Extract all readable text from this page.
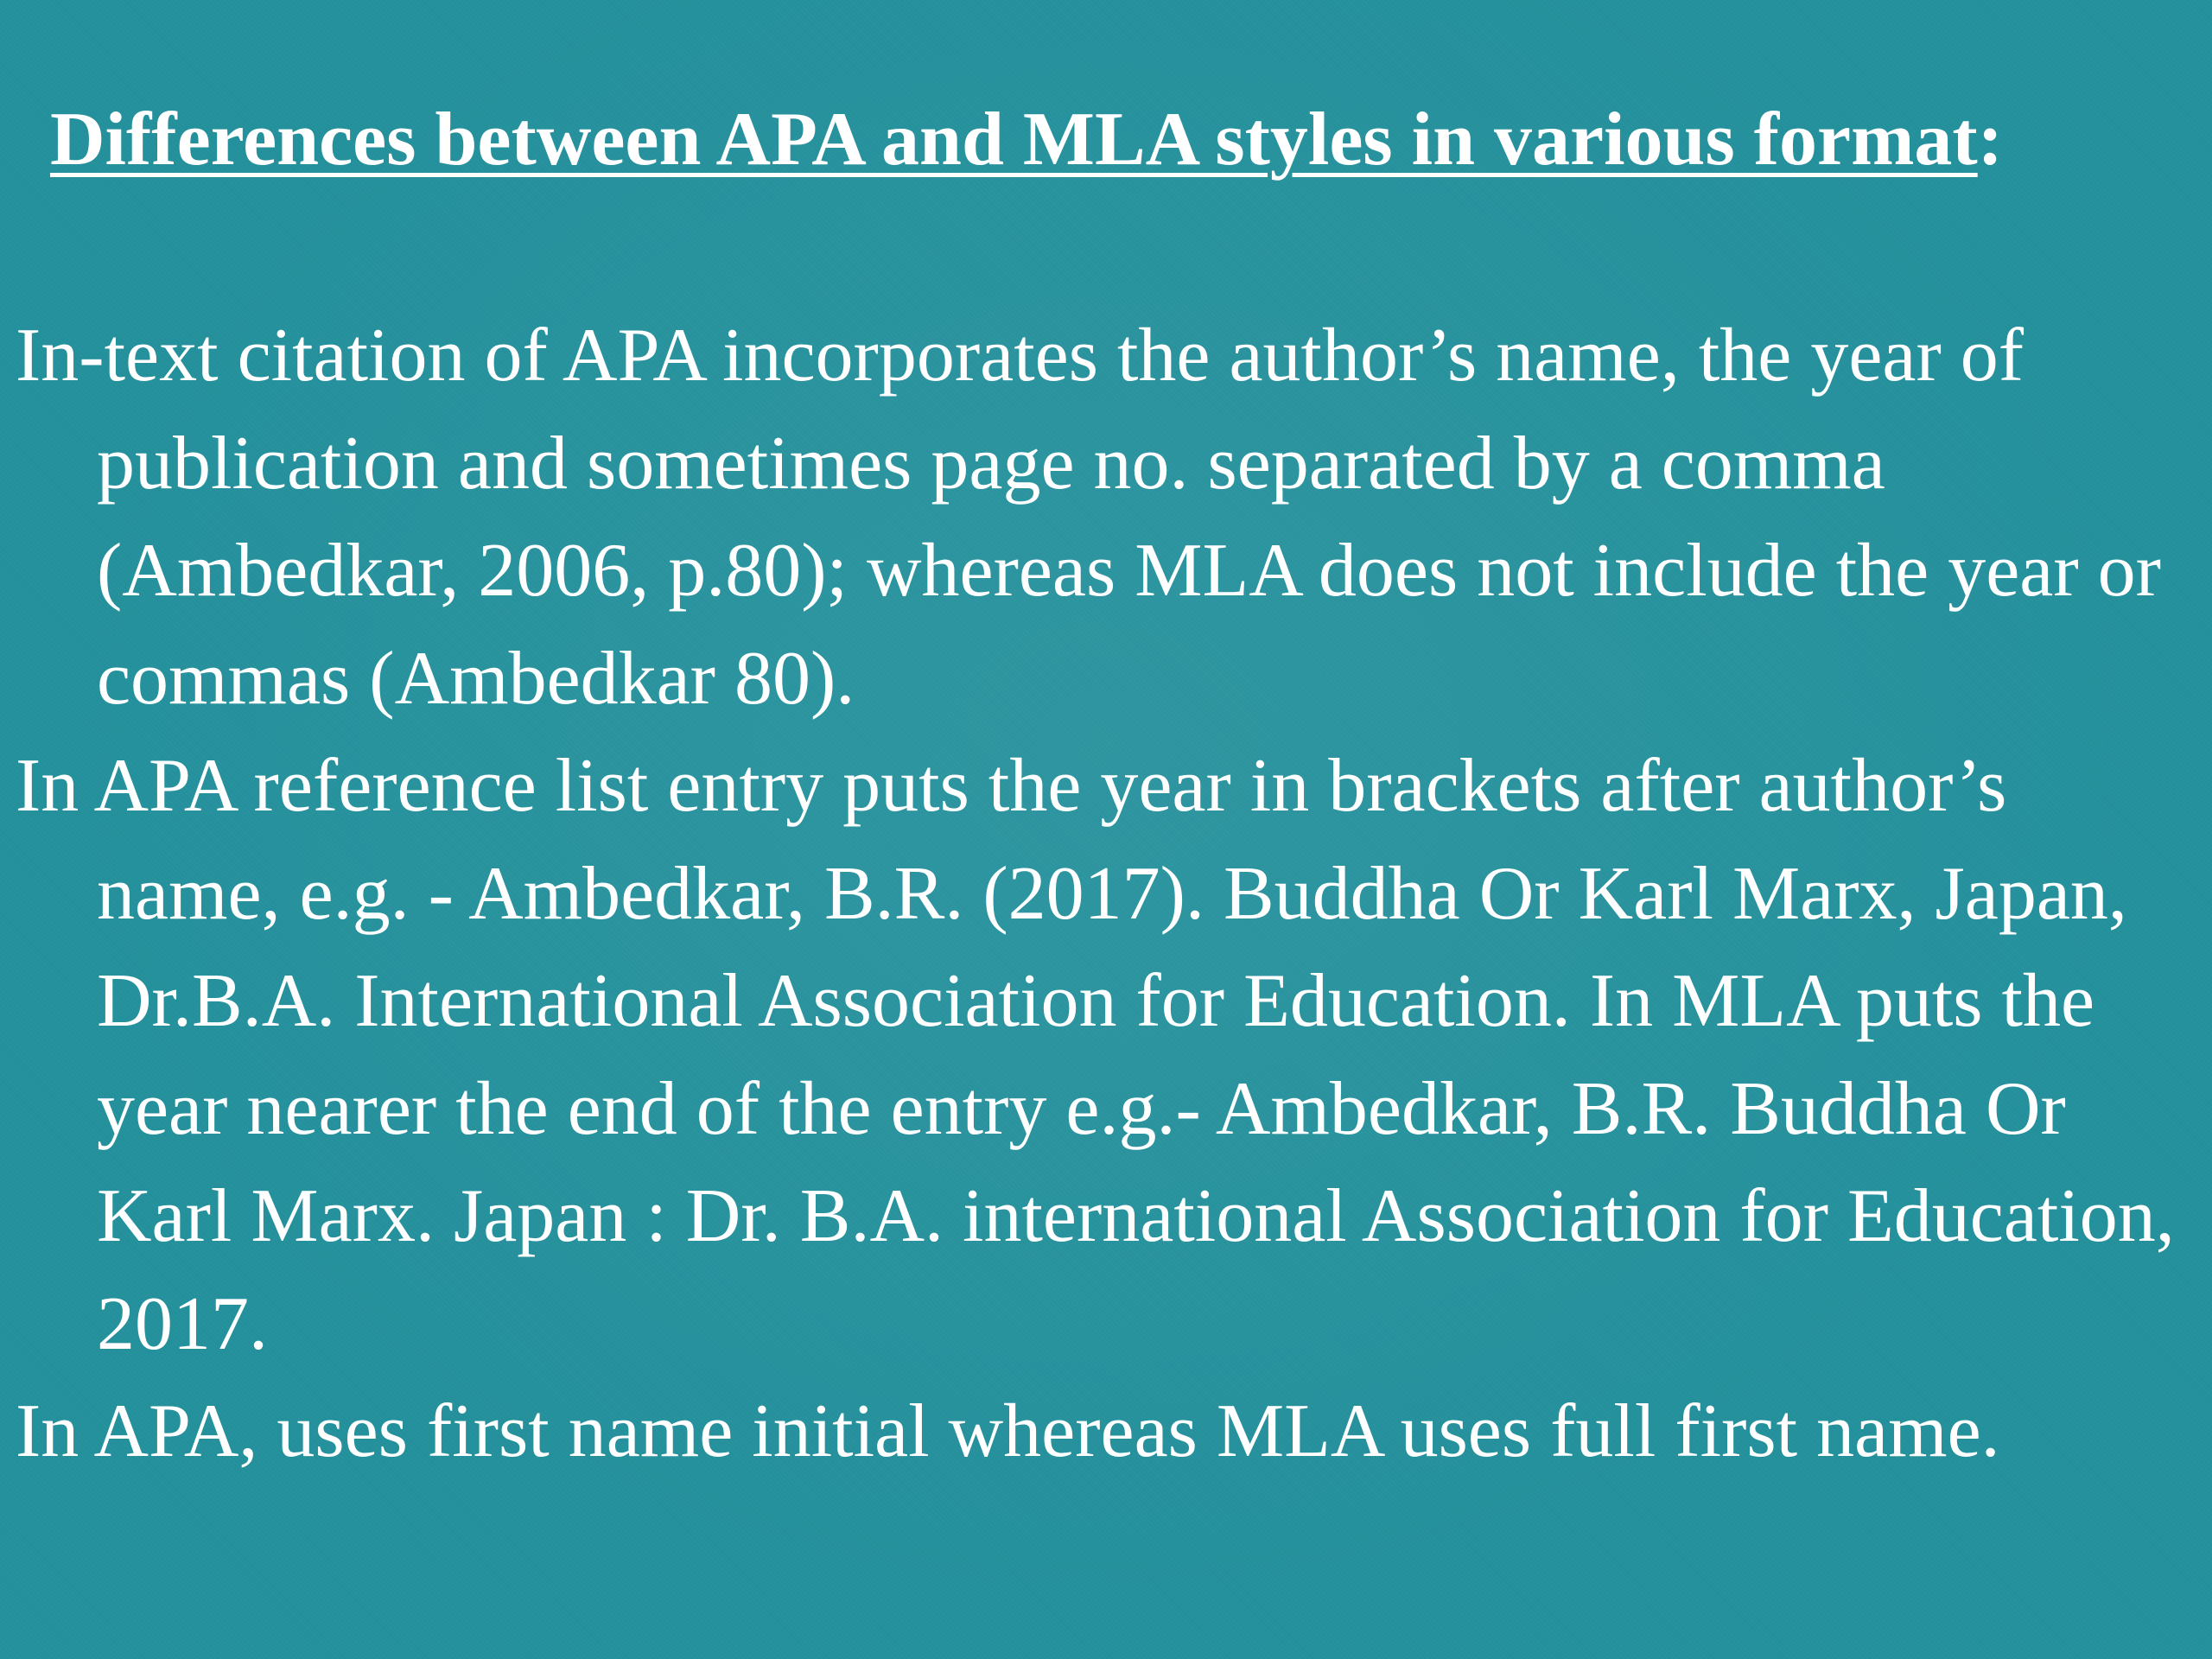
Differences between APA and MLA styles in various format:

In-text citation of APA incorporates the author’s name, the year of publication and sometimes page no. separated by a comma (Ambedkar, 2006, p.80); whereas MLA does not include the year or commas (Ambedkar 80).

In APA reference list entry puts the year in brackets after author’s name, e.g. - Ambedkar, B.R. (2017). Buddha Or Karl Marx, Japan, Dr.B.A. International Association for Education. In MLA puts the year nearer the end of the entry e.g.- Ambedkar, B.R. Buddha Or Karl Marx. Japan : Dr. B.A. international Association for Education, 2017.

In APA, uses first name initial whereas MLA uses full first name.
